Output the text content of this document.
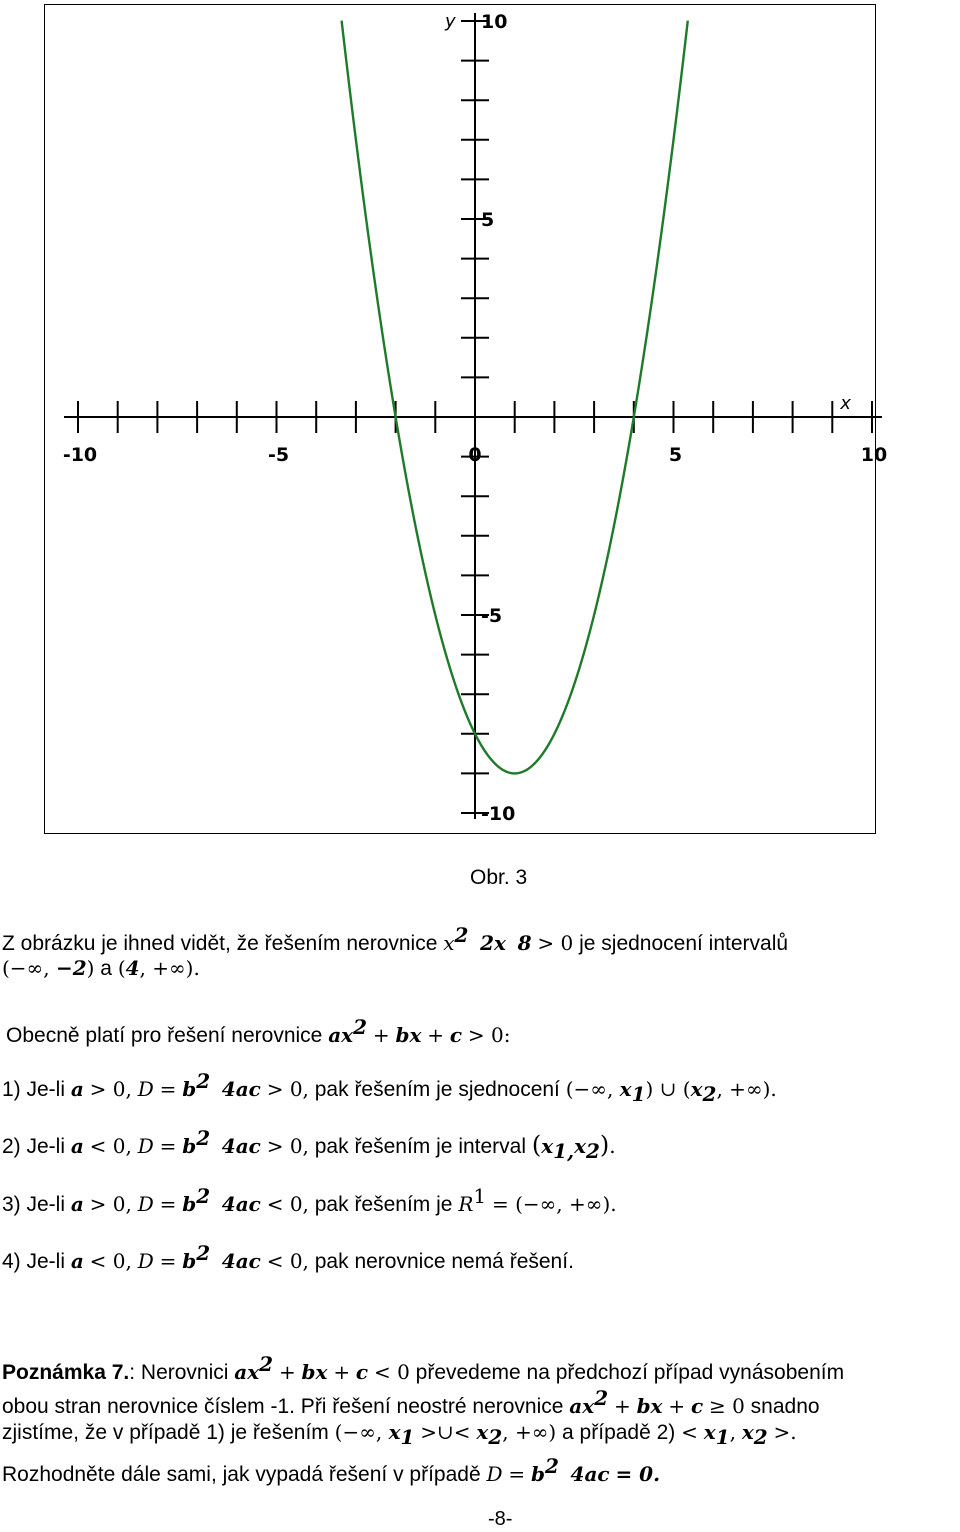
-10	-5	0	5	10
10
5
-5
-10
x
y
Obr. 3
Z obrázku je ihned vidět, že řešením nerovnice $x^2$ 2x 8 > 0 je sjednocení intervalů
(−∞, −2) a (4, +∞).
Obecně platí pro řešení nerovnice $ax^2$ + bx + c > 0:
1) Je-li a > 0, $D = b^2$ 4ac > 0, pak řešením je sjednocení (−∞, $x_1$) ∪ ($x_2$, +∞).
2) Je-li a < 0, $D = b^2$ 4ac > 0, pak řešením je interval $(x_{1,}x_2)$.
3) Je-li a > 0, $D = b^2$ 4ac < 0, pak řešením je $R^1$ = (−∞, +∞).
4) Je-li a < 0, $D = b^2$ 4ac < 0, pak nerovnice nemá řešení.
Poznámka 7.: Nerovnici $ax^2$ + bx + c < 0 převedeme na předchozí případ vynásobením
obou stran nerovnice číslem -1. Při řešení neostré nerovnice $ax^2$ + bx + c ≥ 0 snadno
zjistíme, že v případě 1) je řešením (−∞, $x_1$ >∪< $x_2$, +∞) a případě $2) < x_1$, $x_2$ >.
Rozhodněte dále sami, jak vypadá řešení v případě $D = b^2$ 4ac = 0.
-8-
